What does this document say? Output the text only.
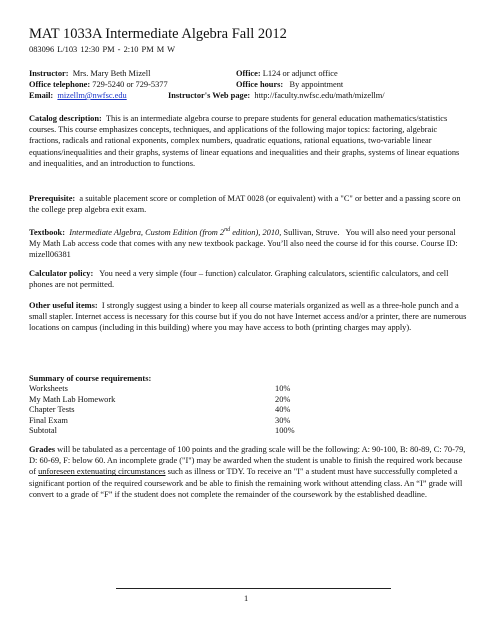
MAT 1033A Intermediate Algebra Fall 2012
083096 L/103 12:30 PM - 2:10 PM M W
Instructor: Mrs. Mary Beth Mizell	Office: L124 or adjunct office
Office telephone: 729-5240 or 729-5377	Office hours: By appointment
Email: mizellm@nwfsc.edu	Instructor's Web page: http://faculty.nwfsc.edu/math/mizellm/
Catalog description: This is an intermediate algebra course to prepare students for general education mathematics/statistics courses. This course emphasizes concepts, techniques, and applications of the following major topics: factoring, algebraic fractions, radicals and rational exponents, complex numbers, quadratic equations, rational equations, two-variable linear equations/inequalities and their graphs, systems of linear equations and inequalities and their graphs, systems of linear equations and inequalities, and an introduction to functions.
Prerequisite: a suitable placement score or completion of MAT 0028 (or equivalent) with a "C" or better and a passing score on the college prep algebra exit exam.
Textbook: Intermediate Algebra, Custom Edition (from 2nd edition), 2010, Sullivan, Struve. You will also need your personal My Math Lab access code that comes with any new textbook package. You’ll also need the course id for this course. Course ID: mizell06381
Calculator policy: You need a very simple (four – function) calculator. Graphing calculators, scientific calculators, and cell phones are not permitted.
Other useful items: I strongly suggest using a binder to keep all course materials organized as well as a three-hole punch and a small stapler. Internet access is necessary for this course but if you do not have Internet access and/or a printer, there are numerous locations on campus (including in this building) where you may have access to both (printing charges may apply).
Summary of course requirements:
Worksheets	10%
My Math Lab Homework	20%
Chapter Tests	40%
Final Exam	30%
Subtotal	100%
Grades will be tabulated as a percentage of 100 points and the grading scale will be the following: A: 90-100, B: 80-89, C: 70-79, D: 60-69, F: below 60. An incomplete grade ("I") may be awarded when the student is unable to finish the required work because of unforeseen extenuating circumstances such as illness or TDY. To receive an "I" a student must have successfully completed a significant portion of the required coursework and be able to finish the remaining work without attending class. An “I” grade will convert to a grade of “F” if the student does not complete the remainder of the coursework by the established deadline.
1
